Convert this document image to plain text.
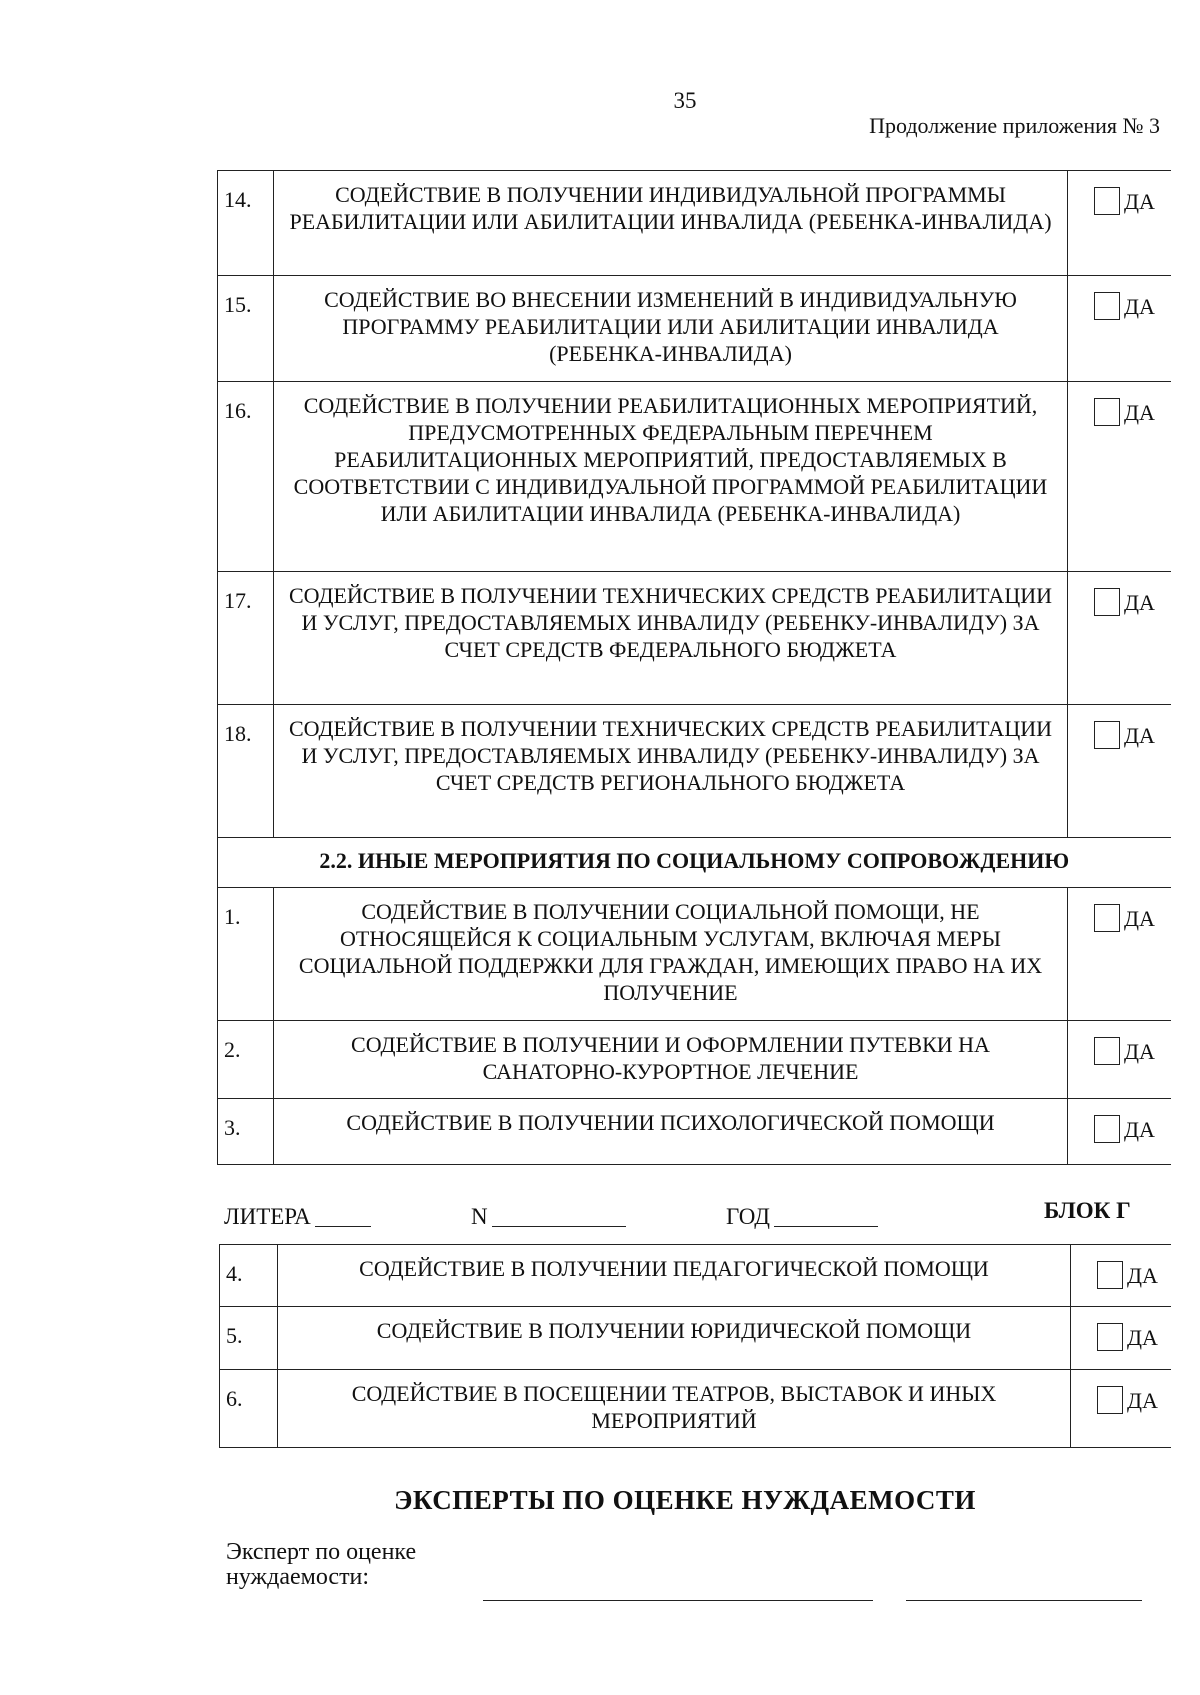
35
Продолжение приложения № 3
14.	СОДЕЙСТВИЕ В ПОЛУЧЕНИИ ИНДИВИДУАЛЬНОЙ ПРОГРАММЫ РЕАБИЛИТАЦИИ ИЛИ АБИЛИТАЦИИ ИНВАЛИДА (РЕБЕНКА-ИНВАЛИДА)	ДА
15.	СОДЕЙСТВИЕ ВО ВНЕСЕНИИ ИЗМЕНЕНИЙ В ИНДИВИДУАЛЬНУЮ ПРОГРАММУ РЕАБИЛИТАЦИИ ИЛИ АБИЛИТАЦИИ ИНВАЛИДА (РЕБЕНКА-ИНВАЛИДА)	ДА
16.	СОДЕЙСТВИЕ В ПОЛУЧЕНИИ РЕАБИЛИТАЦИОННЫХ МЕРОПРИЯТИЙ, ПРЕДУСМОТРЕННЫХ ФЕДЕРАЛЬНЫМ ПЕРЕЧНЕМ РЕАБИЛИТАЦИОННЫХ МЕРОПРИЯТИЙ, ПРЕДОСТАВЛЯЕМЫХ В СООТВЕТСТВИИ С ИНДИВИДУАЛЬНОЙ ПРОГРАММОЙ РЕАБИЛИТАЦИИ ИЛИ АБИЛИТАЦИИ ИНВАЛИДА (РЕБЕНКА-ИНВАЛИДА)	ДА
17.	СОДЕЙСТВИЕ В ПОЛУЧЕНИИ ТЕХНИЧЕСКИХ СРЕДСТВ РЕАБИЛИТАЦИИ И УСЛУГ, ПРЕДОСТАВЛЯЕМЫХ ИНВАЛИДУ (РЕБЕНКУ-ИНВАЛИДУ) ЗА СЧЕТ СРЕДСТВ ФЕДЕРАЛЬНОГО БЮДЖЕТА	ДА
18.	СОДЕЙСТВИЕ В ПОЛУЧЕНИИ ТЕХНИЧЕСКИХ СРЕДСТВ РЕАБИЛИТАЦИИ И УСЛУГ, ПРЕДОСТАВЛЯЕМЫХ ИНВАЛИДУ (РЕБЕНКУ-ИНВАЛИДУ) ЗА СЧЕТ СРЕДСТВ РЕГИОНАЛЬНОГО БЮДЖЕТА	ДА
2.2. ИНЫЕ МЕРОПРИЯТИЯ ПО СОЦИАЛЬНОМУ СОПРОВОЖДЕНИЮ		
1.	СОДЕЙСТВИЕ В ПОЛУЧЕНИИ СОЦИАЛЬНОЙ ПОМОЩИ, НЕ ОТНОСЯЩЕЙСЯ К СОЦИАЛЬНЫМ УСЛУГАМ, ВКЛЮЧАЯ МЕРЫ СОЦИАЛЬНОЙ ПОДДЕРЖКИ ДЛЯ ГРАЖДАН, ИМЕЮЩИХ ПРАВО НА ИХ ПОЛУЧЕНИЕ	ДА
2.	СОДЕЙСТВИЕ В ПОЛУЧЕНИИ И ОФОРМЛЕНИИ ПУТЕВКИ НА САНАТОРНО-КУРОРТНОЕ ЛЕЧЕНИЕ	ДА
3.	СОДЕЙСТВИЕ В ПОЛУЧЕНИИ ПСИХОЛОГИЧЕСКОЙ ПОМОЩИ	ДА
ЛИТЕРА	N	ГОД	БЛОК Г
4.	СОДЕЙСТВИЕ В ПОЛУЧЕНИИ ПЕДАГОГИЧЕСКОЙ ПОМОЩИ	ДА
5.	СОДЕЙСТВИЕ В ПОЛУЧЕНИИ ЮРИДИЧЕСКОЙ ПОМОЩИ	ДА
6.	СОДЕЙСТВИЕ В ПОСЕЩЕНИИ ТЕАТРОВ, ВЫСТАВОК И ИНЫХ МЕРОПРИЯТИЙ	ДА
ЭКСПЕРТЫ ПО ОЦЕНКЕ НУЖДАЕМОСТИ
Эксперт по оценке нуждаемости:
